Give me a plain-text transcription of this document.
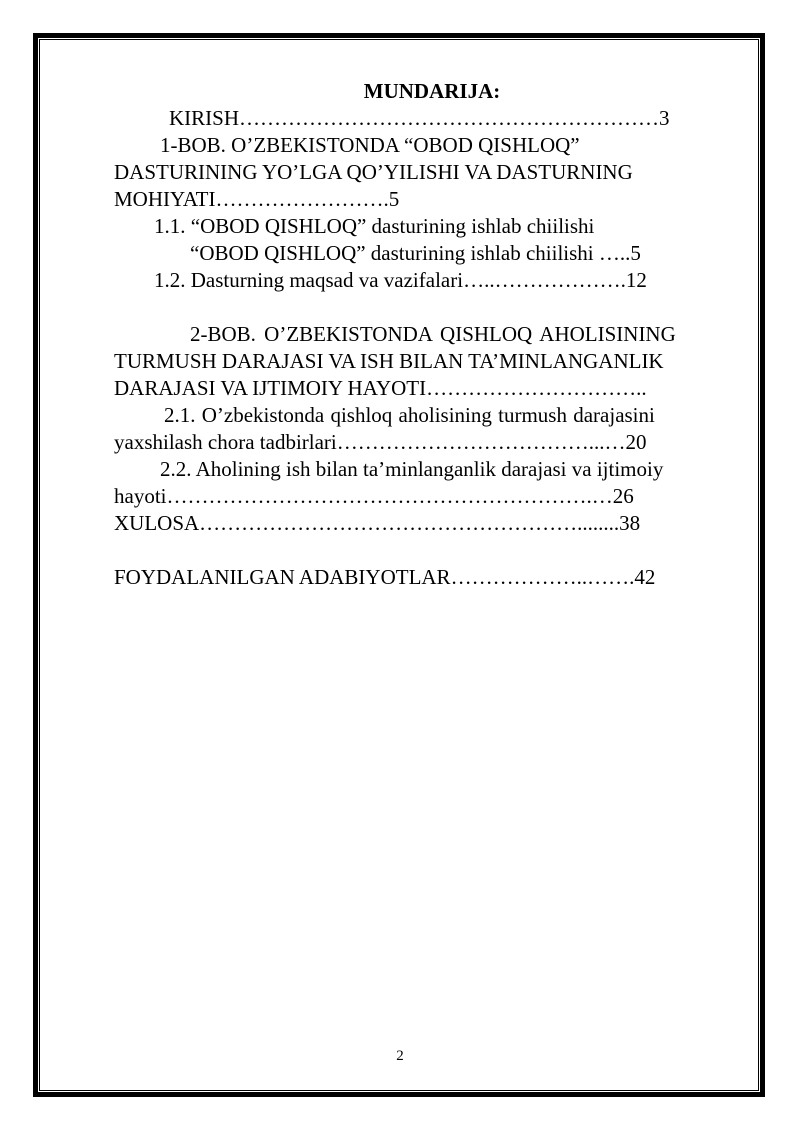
MUNDARIJA:

KIRISH……………………………………………………3

1-BOB. O’ZBEKISTONDA “OBOD QISHLOQ”

DASTURINING YO’LGA QO’YILISHI VA DASTURNING

MOHIYATI…………………….5

1.1. “OBOD QISHLOQ” dasturining ishlab chiilishi

“OBOD QISHLOQ” dasturining ishlab chiilishi …..5

1.2. Dasturning maqsad va vazifalari…..……………….12

2-BOB. O’ZBEKISTONDA QISHLOQ AHOLISINING

TURMUSH DARAJASI VA ISH BILAN TA’MINLANGANLIK

DARAJASI VA IJTIMOIY HAYOTI…………………………..

2.1. O’zbekistonda qishloq aholisining turmush darajasini

yaxshilash chora tadbirlari………………………………...…20

2.2. Aholining ish bilan ta’minlanganlik darajasi va ijtimoiy

hayoti…………………………………………………….…26

XULOSA………………………………………………........38

FOYDALANILGAN ADABIYOTLAR………………..…….42

2
